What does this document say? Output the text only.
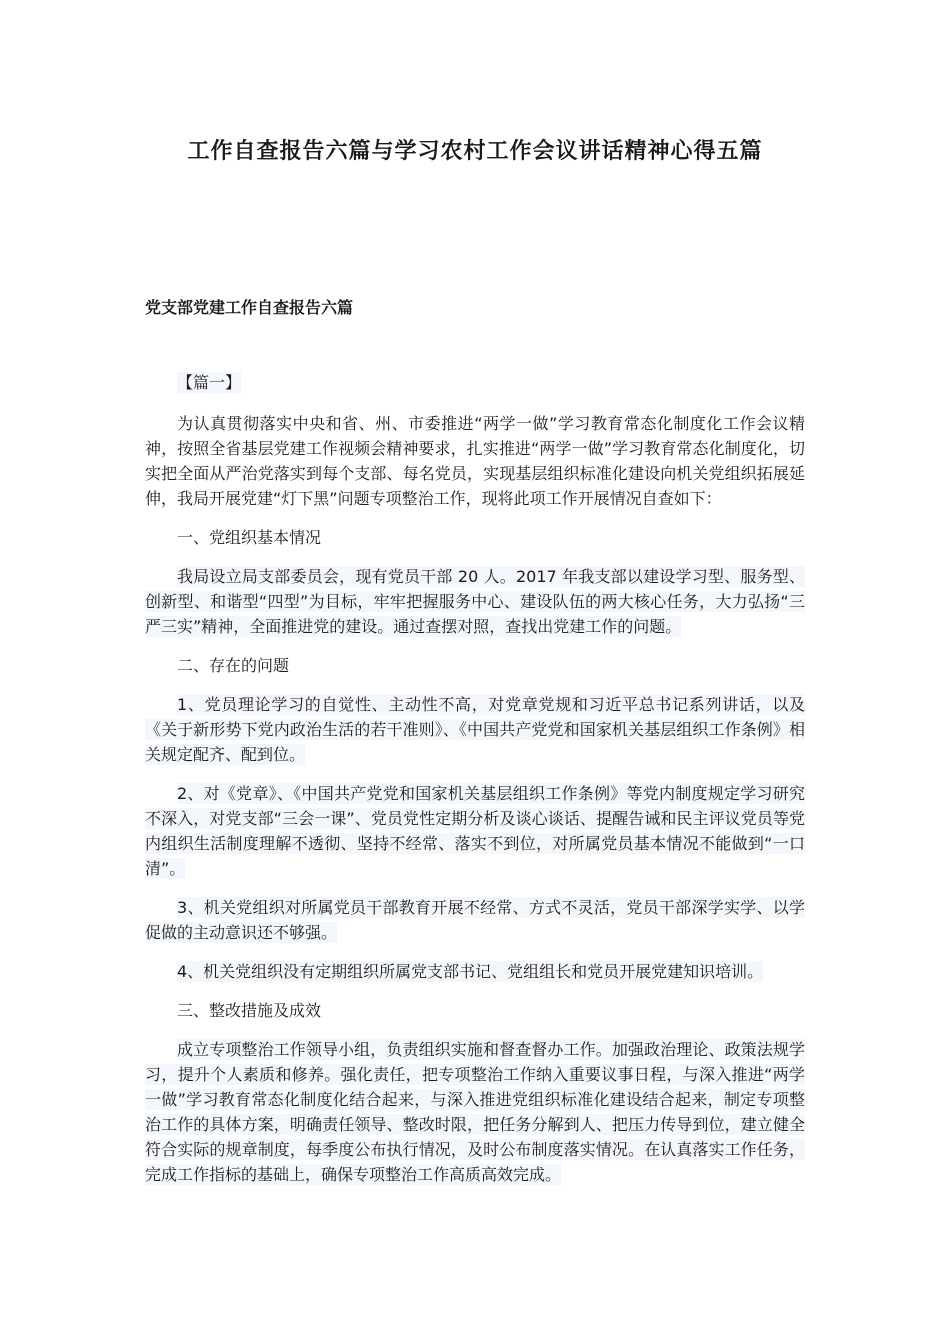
工作自查报告六篇与学习农村工作会议讲话精神心得五篇
党支部党建工作自查报告六篇

【篇一】

为认真贯彻落实中央和省、州、市委推进“两学一做”学习教育常态化制度化工作会议精神，按照全省基层党建工作视频会精神要求，扎实推进“两学一做”学习教育常态化制度化，切实把全面从严治党落实到每个支部、每名党员，实现基层组织标准化建设向机关党组织拓展延伸，我局开展党建“灯下黑”问题专项整治工作，现将此项工作开展情况自查如下：

一、党组织基本情况

我局设立局支部委员会，现有党员干部 20 人。2017 年我支部以建设学习型、服务型、创新型、和谐型“四型”为目标，牢牢把握服务中心、建设队伍的两大核心任务，大力弘扬“三严三实”精神，全面推进党的建设。通过查摆对照，查找出党建工作的问题。

二、存在的问题

1、党员理论学习的自觉性、主动性不高，对党章党规和习近平总书记系列讲话，以及《关于新形势下党内政治生活的若干准则》、《中国共产党党和国家机关基层组织工作条例》相关规定配齐、配到位。

2、对《党章》、《中国共产党党和国家机关基层组织工作条例》等党内制度规定学习研究不深入，对党支部“三会一课”、党员党性定期分析及谈心谈话、提醒告诫和民主评议党员等党内组织生活制度理解不透彻、坚持不经常、落实不到位，对所属党员基本情况不能做到“一口清”。

3、机关党组织对所属党员干部教育开展不经常、方式不灵活，党员干部深学实学、以学促做的主动意识还不够强。

4、机关党组织没有定期组织所属党支部书记、党组组长和党员开展党建知识培训。

三、整改措施及成效

成立专项整治工作领导小组，负责组织实施和督查督办工作。加强政治理论、政策法规学习，提升个人素质和修养。强化责任，把专项整治工作纳入重要议事日程，与深入推进“两学一做”学习教育常态化制度化结合起来，与深入推进党组织标准化建设结合起来，制定专项整治工作的具体方案，明确责任领导、整改时限，把任务分解到人、把压力传导到位，建立健全符合实际的规章制度，每季度公布执行情况，及时公布制度落实情况。在认真落实工作任务，完成工作指标的基础上，确保专项整治工作高质高效完成。
